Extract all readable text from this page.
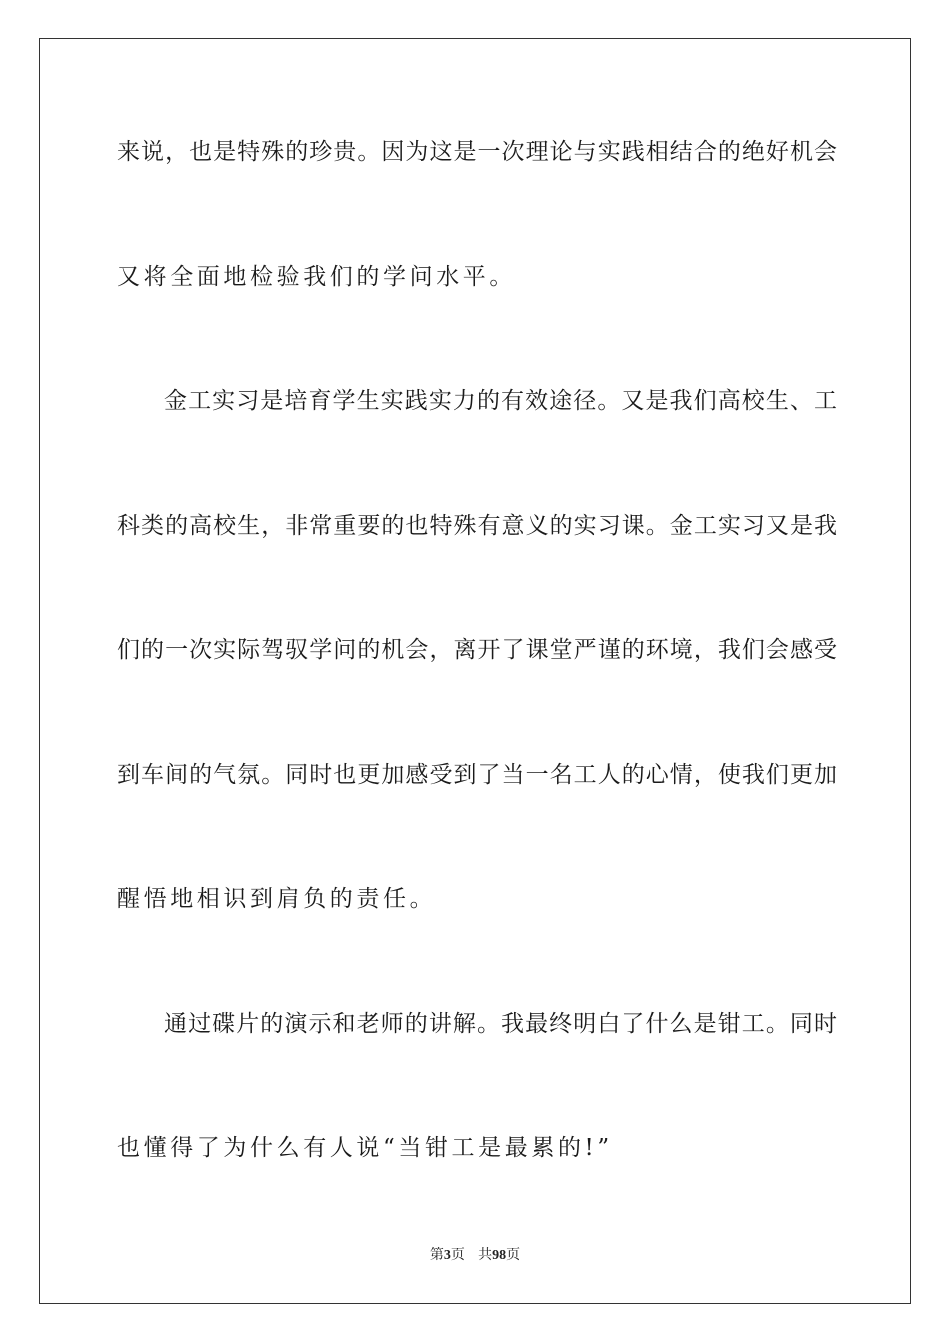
来说，也是特殊的珍贵。因为这是一次理论与实践相结合的绝好机会
又将全面地检验我们的学问水平。
金工实习是培育学生实践实力的有效途径。又是我们高校生、工
科类的高校生，非常重要的也特殊有意义的实习课。金工实习又是我
们的一次实际驾驭学问的机会，离开了课堂严谨的环境，我们会感受
到车间的气氛。同时也更加感受到了当一名工人的心情，使我们更加
醒悟地相识到肩负的责任。
通过碟片的演示和老师的讲解。我最终明白了什么是钳工。同时
也懂得了为什么有人说“当钳工是最累的!”
第3页 共98页
